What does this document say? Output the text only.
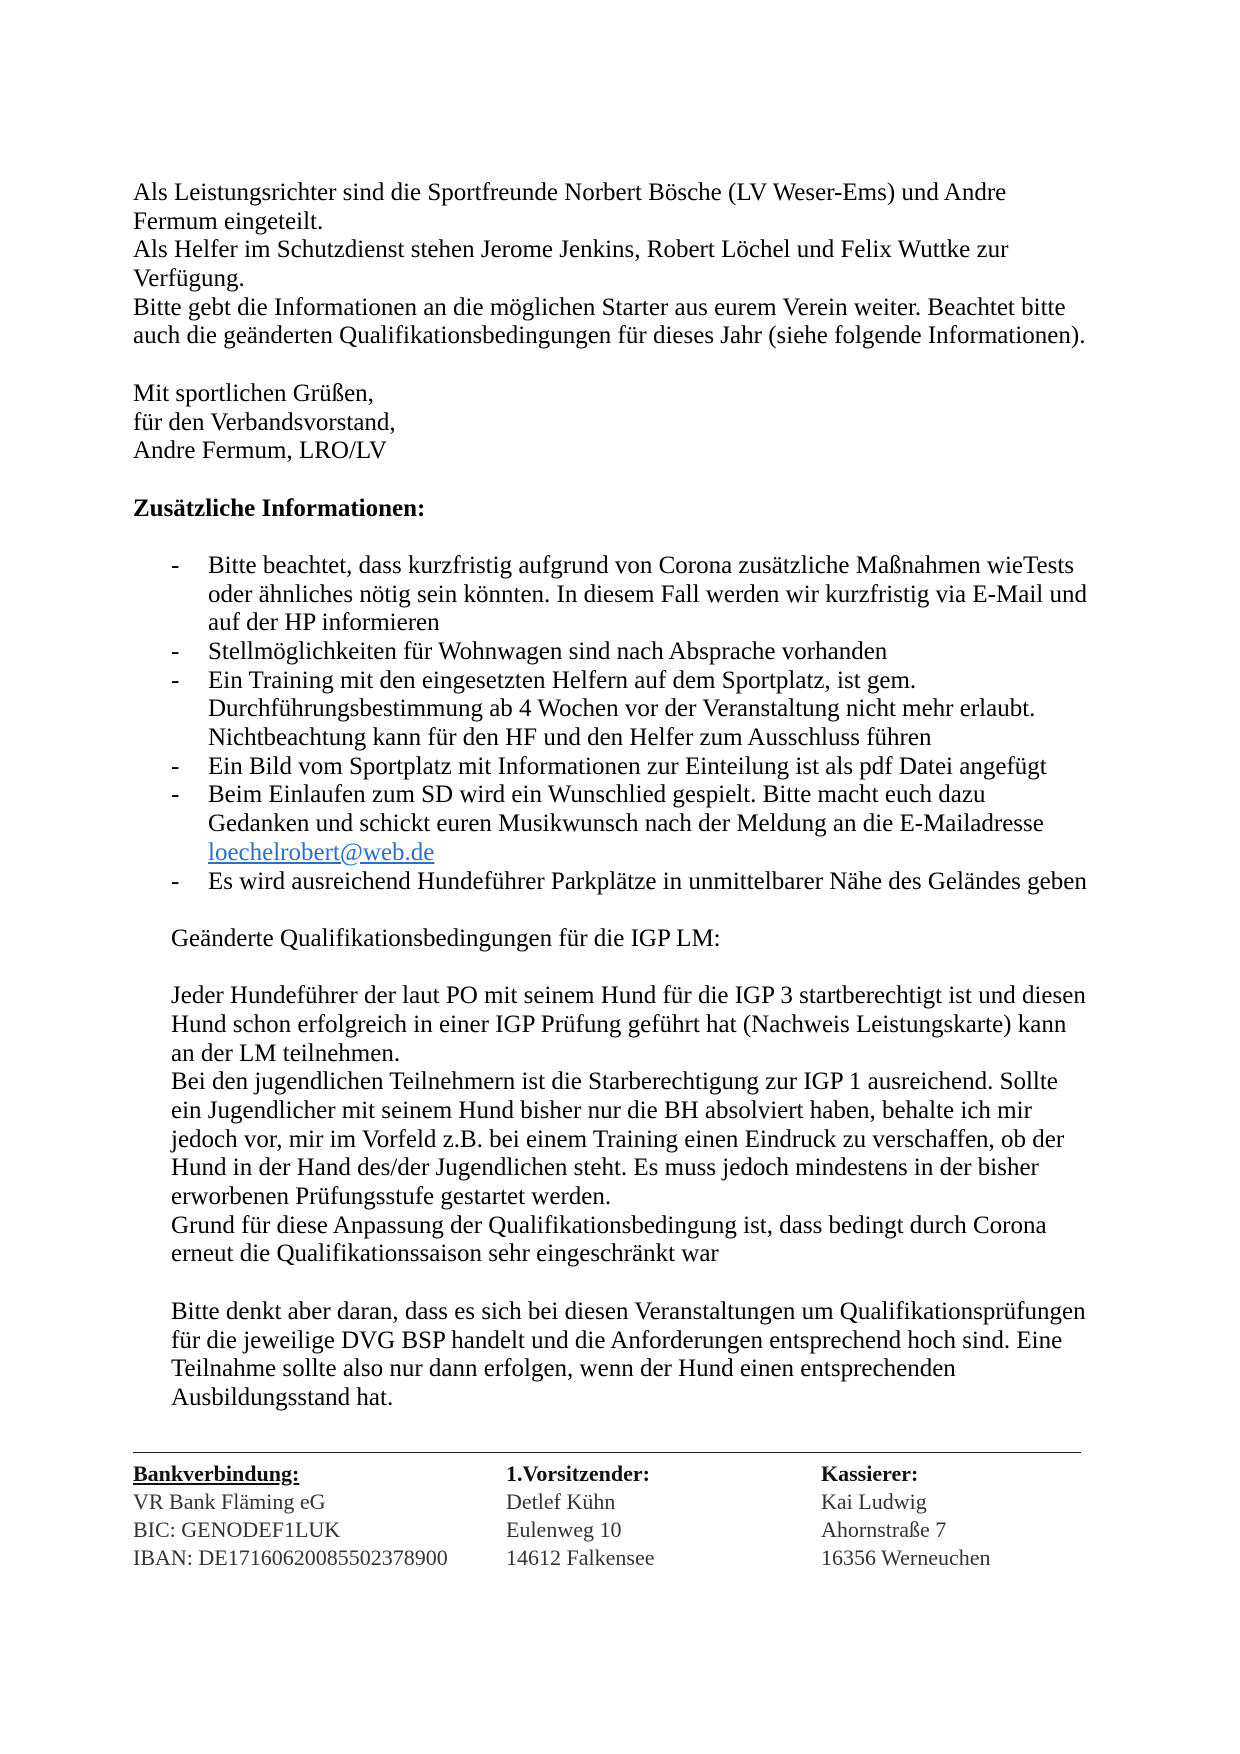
Als Leistungsrichter sind die Sportfreunde Norbert Bösche (LV Weser-Ems) und Andre
Fermum eingeteilt.
Als Helfer im Schutzdienst stehen Jerome Jenkins, Robert Löchel und Felix Wuttke zur
Verfügung.
Bitte gebt die Informationen an die möglichen Starter aus eurem Verein weiter. Beachtet bitte
auch die geänderten Qualifikationsbedingungen für dieses Jahr (siehe folgende Informationen).
Mit sportlichen Grüßen,
für den Verbandsvorstand,
Andre Fermum, LRO/LV
Zusätzliche Informationen:
- Bitte beachtet, dass kurzfristig aufgrund von Corona zusätzliche Maßnahmen wieTests
oder ähnliches nötig sein könnten. In diesem Fall werden wir kurzfristig via E-Mail und
auf der HP informieren
- Stellmöglichkeiten für Wohnwagen sind nach Absprache vorhanden
- Ein Training mit den eingesetzten Helfern auf dem Sportplatz, ist gem.
Durchführungsbestimmung ab 4 Wochen vor der Veranstaltung nicht mehr erlaubt.
Nichtbeachtung kann für den HF und den Helfer zum Ausschluss führen
- Ein Bild vom Sportplatz mit Informationen zur Einteilung ist als pdf Datei angefügt
- Beim Einlaufen zum SD wird ein Wunschlied gespielt. Bitte macht euch dazu
Gedanken und schickt euren Musikwunsch nach der Meldung an die E-Mailadresse
loechelrobert@web.de
- Es wird ausreichend Hundeführer Parkplätze in unmittelbarer Nähe des Geländes geben
Geänderte Qualifikationsbedingungen für die IGP LM:
Jeder Hundeführer der laut PO mit seinem Hund für die IGP 3 startberechtigt ist und diesen
Hund schon erfolgreich in einer IGP Prüfung geführt hat (Nachweis Leistungskarte) kann
an der LM teilnehmen.
Bei den jugendlichen Teilnehmern ist die Starberechtigung zur IGP 1 ausreichend. Sollte
ein Jugendlicher mit seinem Hund bisher nur die BH absolviert haben, behalte ich mir
jedoch vor, mir im Vorfeld z.B. bei einem Training einen Eindruck zu verschaffen, ob der
Hund in der Hand des/der Jugendlichen steht. Es muss jedoch mindestens in der bisher
erworbenen Prüfungsstufe gestartet werden.
Grund für diese Anpassung der Qualifikationsbedingung ist, dass bedingt durch Corona
erneut die Qualifikationssaison sehr eingeschränkt war
Bitte denkt aber daran, dass es sich bei diesen Veranstaltungen um Qualifikationsprüfungen
für die jeweilige DVG BSP handelt und die Anforderungen entsprechend hoch sind. Eine
Teilnahme sollte also nur dann erfolgen, wenn der Hund einen entsprechenden
Ausbildungsstand hat.
Bankverbindung:
VR Bank Fläming eG
BIC: GENODEF1LUK
IBAN: DE17160620085502378900
1.Vorsitzender:
Detlef Kühn
Eulenweg 10
14612 Falkensee
Kassierer:
Kai Ludwig
Ahornstraße 7
16356 Werneuchen
